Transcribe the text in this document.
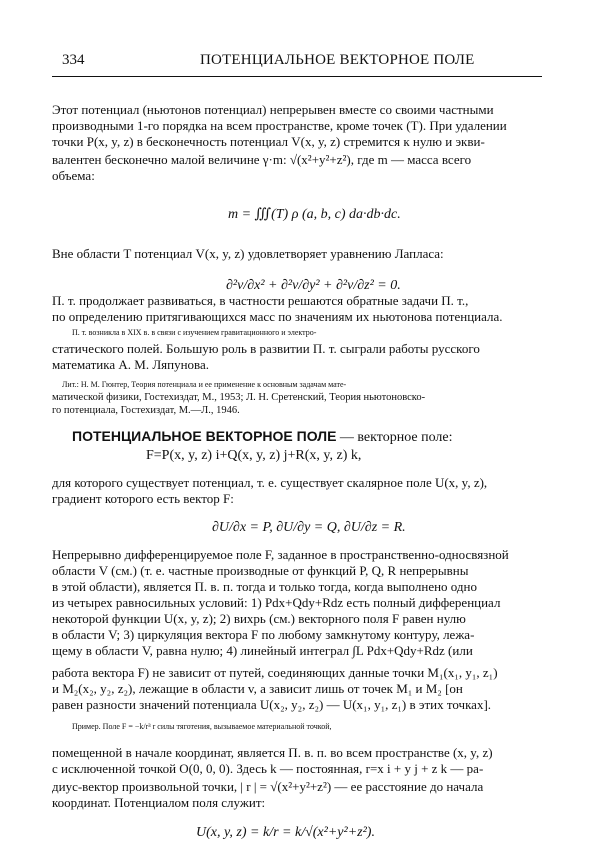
334	ПОТЕНЦИАЛЬНОЕ ВЕКТОРНОЕ ПОЛЕ
Этот потенциал (ньютонов потенциал) непрерывен вместе со своими частными
производными 1-го порядка на всем пространстве, кроме точек (T). При удалении
точки P(x, y, z) в бесконечность потенциал V(x, y, z) стремится к нулю и экви-
валентен бесконечно малой величине γ·m: √(x²+y²+z²), где m — масса всего
объема:
m = ∭(T) ρ (a, b, c) da·db·dc.
Вне области T потенциал V(x, y, z) удовлетворяет уравнению Лапласа:
∂²v/∂x² + ∂²v/∂y² + ∂²v/∂z² = 0.
П. т. продолжает развиваться, в частности решаются обратные задачи П. т.,
по определению притягивающихся масс по значениям их ньютонова потенциала.
П. т. возникла в XIX в. в связи с изучением гравитационного и электро-
статического полей. Большую роль в развитии П. т. сыграли работы русского
математика А. М. Ляпунова.
Лит.: Н. М. Гюнтер, Теория потенциала и ее применение к основным задачам мате-
матической физики, Гостехиздат, М., 1953; Л. Н. Сретенский, Теория ньютоновско-
го потенциала, Гостехиздат, М.—Л., 1946.
ПОТЕНЦИАЛЬНОЕ ВЕКТОРНОЕ ПОЛЕ — векторное поле:
F=P(x, y, z) i+Q(x, y, z) j+R(x, y, z) k,
для которого существует потенциал, т. е. существует скалярное поле U(x, y, z),
градиент которого есть вектор F:
∂U/∂x = P, ∂U/∂y = Q, ∂U/∂z = R.
Непрерывно дифференцируемое поле F, заданное в пространственно-односвязной
области V (см.) (т. е. частные производные от функций P, Q, R непрерывны
в этой области), является П. в. п. тогда и только тогда, когда выполнено одно
из четырех равносильных условий: 1) Pdx+Qdy+Rdz есть полный дифференциал
некоторой функции U(x, y, z); 2) вихрь (см.) векторного поля F равен нулю
в области V; 3) циркуляция вектора F по любому замкнутому контуру, лежа-
щему в области V, равна нулю; 4) линейный интеграл ∫L Pdx+Qdy+Rdz (или
работа вектора F) не зависит от путей, соединяющих данные точки M₁(x₁, y₁, z₁)
и M₂(x₂, y₂, z₂), лежащие в области v, а зависит лишь от точек M₁ и M₂ [он
равен разности значений потенциала U(x₂, y₂, z₂) — U(x₁, y₁, z₁) в этих точках].
Пример. Поле F = −k/r³ r силы тяготения, вызываемое материальной точкой,
помещенной в начале координат, является П. в. п. во всем пространстве (x, y, z)
с исключенной точкой O(0, 0, 0). Здесь k — постоянная, r=x i + y j + z k — ра-
диус-вектор произвольной точки, | r | = √(x²+y²+z²) — ее расстояние до начала
координат. Потенциалом поля служит:
U(x, y, z) = k/r = k/√(x²+y²+z²).
